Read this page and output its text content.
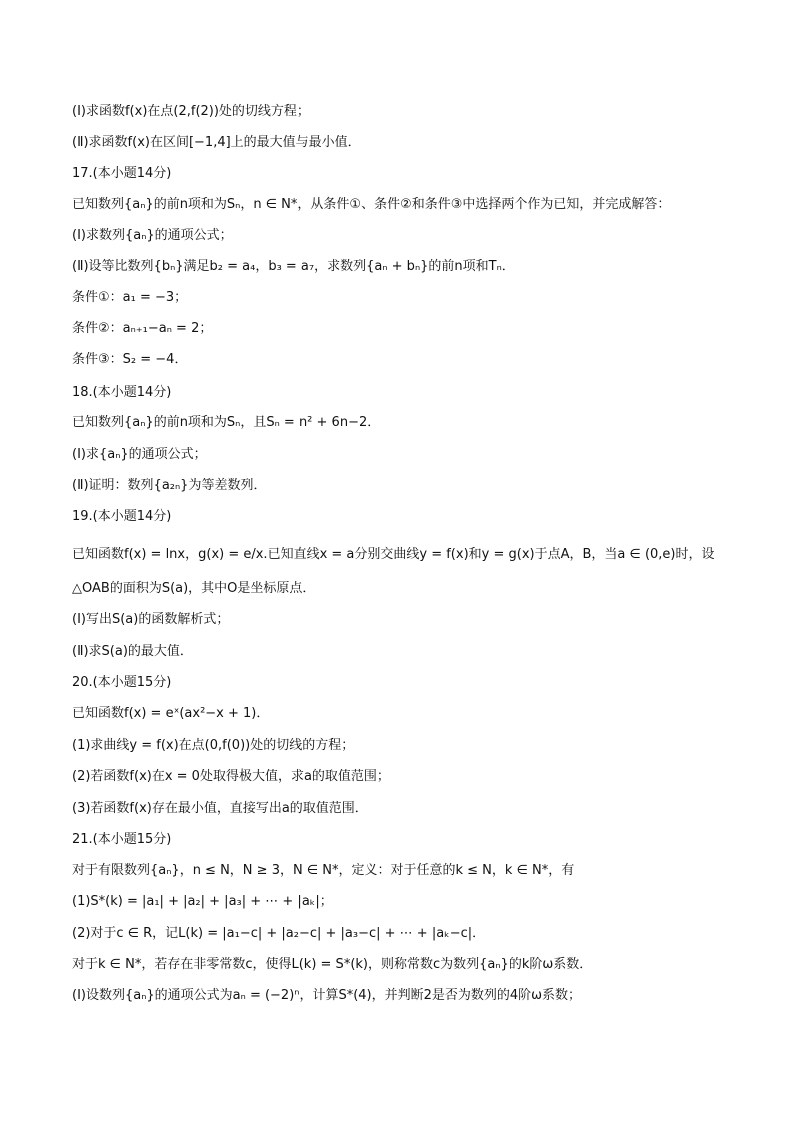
(Ⅰ)求函数f(x)在点(2,f(2))处的切线方程；
(Ⅱ)求函数f(x)在区间[−1,4]上的最大值与最小值．
17.(本小题14分)
已知数列{aₙ}的前n项和为Sₙ，n ∈ N*，从条件①、条件②和条件③中选择两个作为已知，并完成解答：
(Ⅰ)求数列{aₙ}的通项公式；
(Ⅱ)设等比数列{bₙ}满足b₂ = a₄，b₃ = a₇，求数列{aₙ + bₙ}的前n项和Tₙ．
条件①：a₁ = −3；
条件②：aₙ₊₁−aₙ = 2；
条件③：S₂ = −4．
18.(本小题14分)
已知数列{aₙ}的前n项和为Sₙ，且Sₙ = n² + 6n−2．
(Ⅰ)求{aₙ}的通项公式；
(Ⅱ)证明：数列{a₂ₙ}为等差数列．
19.(本小题14分)
已知函数f(x) = lnx，g(x) = e/x.已知直线x = a分别交曲线y = f(x)和y = g(x)于点A，B，当a ∈ (0,e)时，设
△OAB的面积为S(a)，其中O是坐标原点．
(Ⅰ)写出S(a)的函数解析式；
(Ⅱ)求S(a)的最大值．
20.(本小题15分)
已知函数f(x) = eˣ(ax²−x + 1)．
(1)求曲线y = f(x)在点(0,f(0))处的切线的方程；
(2)若函数f(x)在x = 0处取得极大值，求a的取值范围；
(3)若函数f(x)存在最小值，直接写出a的取值范围．
21.(本小题15分)
对于有限数列{aₙ}，n ≤ N，N ≥ 3，N ∈ N*，定义：对于任意的k ≤ N，k ∈ N*，有
(1)S*(k) = |a₁| + |a₂| + |a₃| + ⋯ + |aₖ|；
(2)对于c ∈ R，记L(k) = |a₁−c| + |a₂−c| + |a₃−c| + ⋯ + |aₖ−c|．
对于k ∈ N*，若存在非零常数c，使得L(k) = S*(k)，则称常数c为数列{aₙ}的k阶ω系数．
(Ⅰ)设数列{aₙ}的通项公式为aₙ = (−2)ⁿ，计算S*(4)，并判断2是否为数列的4阶ω系数；
